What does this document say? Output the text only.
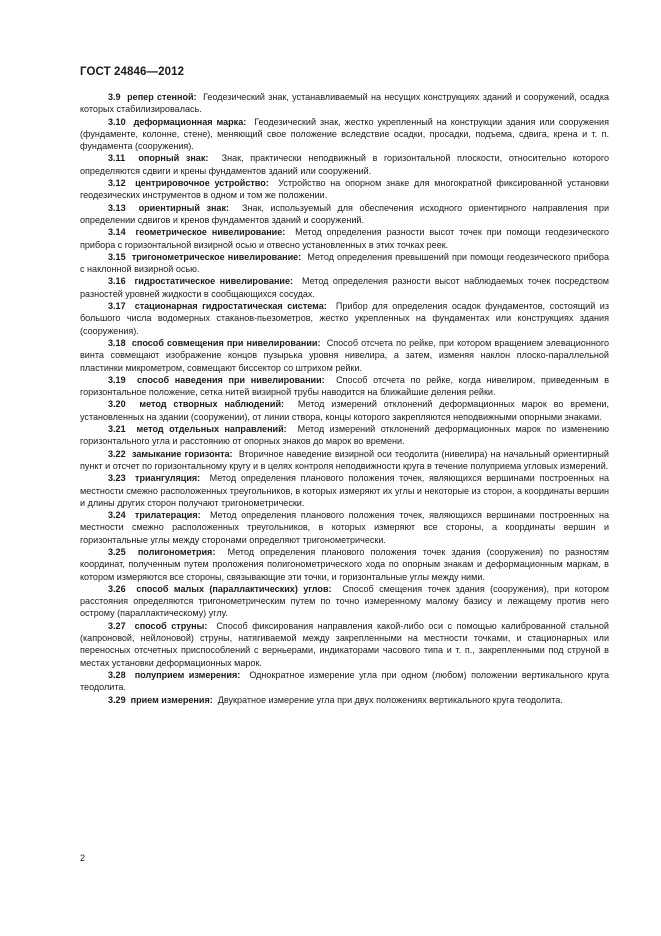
ГОСТ 24846—2012

3.9 репер стенной: Геодезический знак, устанавливаемый на несущих конструкциях зданий и сооружений, осадка которых стабилизировалась.

3.10 деформационная марка: Геодезический знак, жестко укрепленный на конструкции здания или сооружения (фундаменте, колонне, стене), меняющий свое положение вследствие осадки, просадки, подъема, сдвига, крена и т. п. фундамента (сооружения).

3.11 опорный знак: Знак, практически неподвижный в горизонтальной плоскости, относительно которого определяются сдвиги и крены фундаментов зданий или сооружений.

3.12 центрировочное устройство: Устройство на опорном знаке для многократной фиксированной установки геодезических инструментов в одном и том же положении.

3.13 ориентирный знак: Знак, используемый для обеспечения исходного ориентирного направления при определении сдвигов и кренов фундаментов зданий и сооружений.

3.14 геометрическое нивелирование: Метод определения разности высот точек при помощи геодезического прибора с горизонтальной визирной осью и отвесно установленных в этих точках реек.

3.15 тригонометрическое нивелирование: Метод определения превышений при помощи геодезического прибора с наклонной визирной осью.

3.16 гидростатическое нивелирование: Метод определения разности высот наблюдаемых точек посредством разностей уровней жидкости в сообщающихся сосудах.

3.17 стационарная гидростатическая система: Прибор для определения осадок фундаментов, состоящий из большого числа водомерных стаканов-пьезометров, жестко укрепленных на фундаментах или конструкциях здания (сооружения).

3.18 способ совмещения при нивелировании: Способ отсчета по рейке, при котором вращением элевационного винта совмещают изображение концов пузырька уровня нивелира, а затем, изменяя наклон плоско-параллельной пластинки микрометром, совмещают биссектор со штрихом рейки.

3.19 способ наведения при нивелировании: Способ отсчета по рейке, когда нивелиром, приведенным в горизонтальное положение, сетка нитей визирной трубы наводится на ближайшие деления рейки.

3.20 метод створных наблюдений: Метод измерений отклонений деформационных марок во времени, установленных на здании (сооружении), от линии створа, концы которого закрепляются неподвижными опорными знаками.

3.21 метод отдельных направлений: Метод измерений отклонений деформационных марок по изменению горизонтального угла и расстоянию от опорных знаков до марок во времени.

3.22 замыкание горизонта: Вторичное наведение визирной оси теодолита (нивелира) на начальный ориентирный пункт и отсчет по горизонтальному кругу и в целях контроля неподвижности круга в течение полуприема угловых измерений.

3.23 триангуляция: Метод определения планового положения точек, являющихся вершинами построенных на местности смежно расположенных треугольников, в которых измеряют их углы и некоторые из сторон, а координаты вершин и длины других сторон получают тригонометрически.

3.24 трилатерация: Метод определения планового положения точек, являющихся вершинами построенных на местности смежно расположенных треугольников, в которых измеряют все стороны, а координаты вершин и горизонтальные углы между сторонами определяют тригонометрически.

3.25 полигонометрия: Метод определения планового положения точек здания (сооружения) по разностям координат, полученным путем проложения полигонометрического хода по опорным знакам и деформационным маркам, в котором измеряются все стороны, связывающие эти точки, и горизонтальные углы между ними.

3.26 способ малых (параллактических) углов: Способ смещения точек здания (сооружения), при котором расстояния определяются тригонометрическим путем по точно измеренному малому базису и лежащему против него острому (параллактическому) углу.

3.27 способ струны: Способ фиксирования направления какой-либо оси с помощью калиброванной стальной (капроновой, нейлоновой) струны, натягиваемой между закрепленными на местности точками, и стационарных или переносных отсчетных приспособлений с верньерами, индикаторами часового типа и т. п., закрепленными под струной в местах установки деформационных марок.

3.28 полуприем измерения: Однократное измерение угла при одном (любом) положении вертикального круга теодолита.

3.29 прием измерения: Двукратное измерение угла при двух положениях вертикального круга теодолита.

2
